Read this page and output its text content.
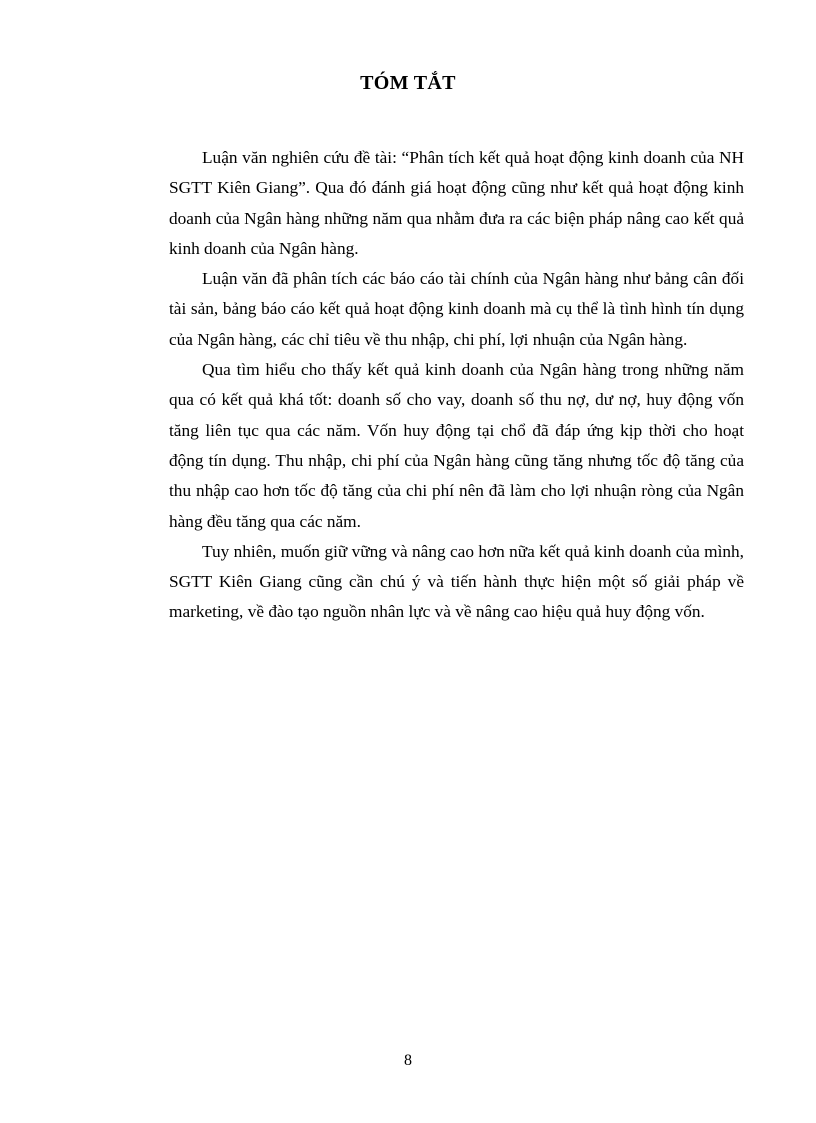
TÓM TẮT

Luận văn nghiên cứu đề tài: “Phân tích kết quả hoạt động kinh doanh của NH SGTT Kiên Giang”. Qua đó đánh giá hoạt động cũng như kết quả hoạt động kinh doanh của Ngân hàng những năm qua nhằm đưa ra các biện pháp nâng cao kết quả kinh doanh của Ngân hàng.

Luận văn đã phân tích các báo cáo tài chính của Ngân hàng như bảng cân đối tài sản, bảng báo cáo kết quả hoạt động kinh doanh mà cụ thể là tình hình tín dụng của Ngân hàng, các chỉ tiêu về thu nhập, chi phí, lợi nhuận của Ngân hàng.

Qua tìm hiểu cho thấy kết quả kinh doanh của Ngân hàng trong những năm qua có kết quả khá tốt: doanh số cho vay, doanh số thu nợ, dư nợ, huy động vốn tăng liên tục qua các năm. Vốn huy động tại chổ đã đáp ứng kịp thời cho hoạt động tín dụng. Thu nhập, chi phí của Ngân hàng cũng tăng nhưng tốc độ tăng của thu nhập cao hơn tốc độ tăng của chi phí nên đã làm cho lợi nhuận ròng của Ngân hàng đều tăng qua các năm.

Tuy nhiên, muốn giữ vững và nâng cao hơn nữa kết quả kinh doanh của mình, SGTT Kiên Giang cũng cần chú ý và tiến hành thực hiện một số giải pháp về marketing, về đào tạo nguồn nhân lực và về nâng cao hiệu quả huy động vốn.

8
